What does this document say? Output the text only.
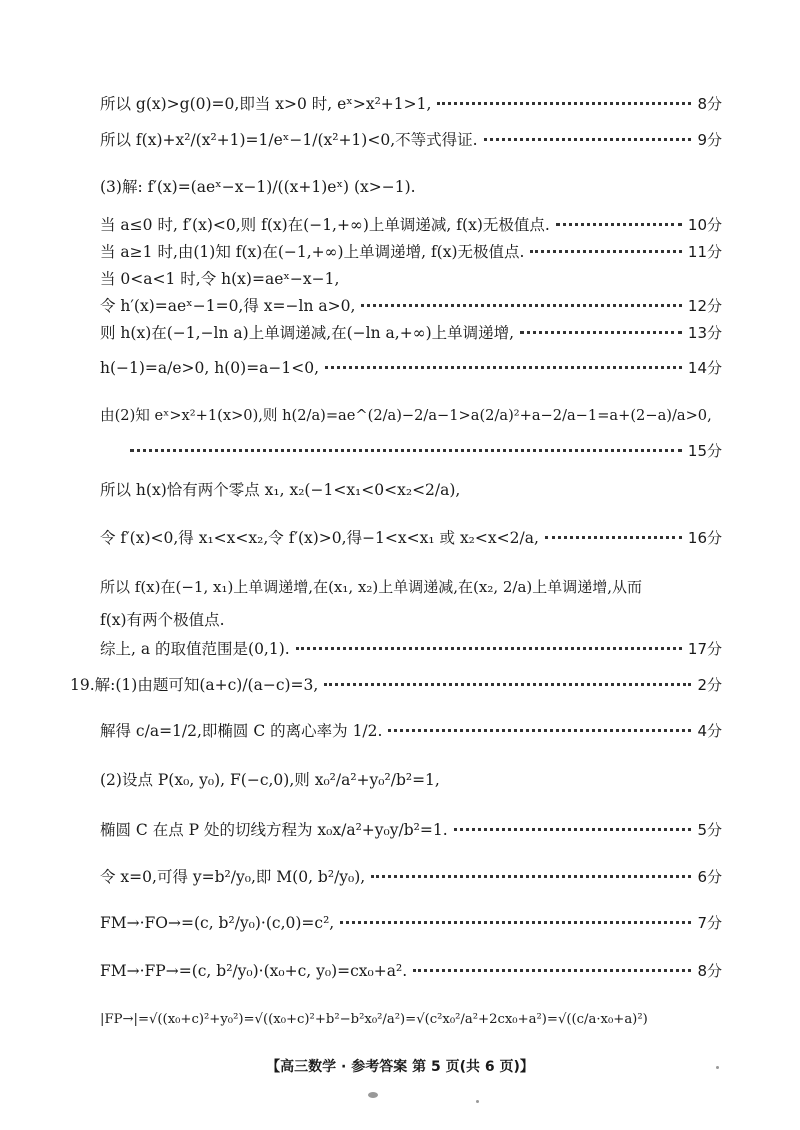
所以 g(x)>g(0)=0,即当 x>0 时, eˣ>x²+1>1,	8分
所以 f(x)+x²/(x²+1)=1/eˣ−1/(x²+1)<0,不等式得证.	9分
(3)解: f′(x)=(aeˣ−x−1)/((x+1)eˣ) (x>−1).
当 a≤0 时, f′(x)<0,则 f(x)在(−1,+∞)上单调递减, f(x)无极值点.	10分
当 a≥1 时,由(1)知 f(x)在(−1,+∞)上单调递增, f(x)无极值点.	11分
当 0<a<1 时,令 h(x)=aeˣ−x−1,
令 h′(x)=aeˣ−1=0,得 x=−ln a>0,	12分
则 h(x)在(−1,−ln a)上单调递减,在(−ln a,+∞)上单调递增,	13分
h(−1)=a/e>0, h(0)=a−1<0,	14分
由(2)知 eˣ>x²+1(x>0),则 h(2/a)=ae^(2/a)−2/a−1>a(2/a)²+a−2/a−1=a+(2−a)/a>0,
15分
所以 h(x)恰有两个零点 x₁, x₂(−1<x₁<0<x₂<2/a),
令 f′(x)<0,得 x₁<x<x₂,令 f′(x)>0,得−1<x<x₁ 或 x₂<x<2/a,	16分
所以 f(x)在(−1, x₁)上单调递增,在(x₁, x₂)上单调递减,在(x₂, 2/a)上单调递增,从而
f(x)有两个极值点.
综上, a 的取值范围是(0,1).	17分
19.解:(1)由题可知(a+c)/(a−c)=3,	2分
解得 c/a=1/2,即椭圆 C 的离心率为 1/2.	4分
(2)设点 P(x₀, y₀), F(−c,0),则 x₀²/a²+y₀²/b²=1,
椭圆 C 在点 P 处的切线方程为 x₀x/a²+y₀y/b²=1.	5分
令 x=0,可得 y=b²/y₀,即 M(0, b²/y₀),	6分
FM→·FO→=(c, b²/y₀)·(c,0)=c²,	7分
FM→·FP→=(c, b²/y₀)·(x₀+c, y₀)=cx₀+a².	8分
|FP→|=√((x₀+c)²+y₀²)=√((x₀+c)²+b²−b²x₀²/a²)=√(c²x₀²/a²+2cx₀+a²)=√((c/a·x₀+a)²)
【高三数学 · 参考答案 第 5 页(共 6 页)】
